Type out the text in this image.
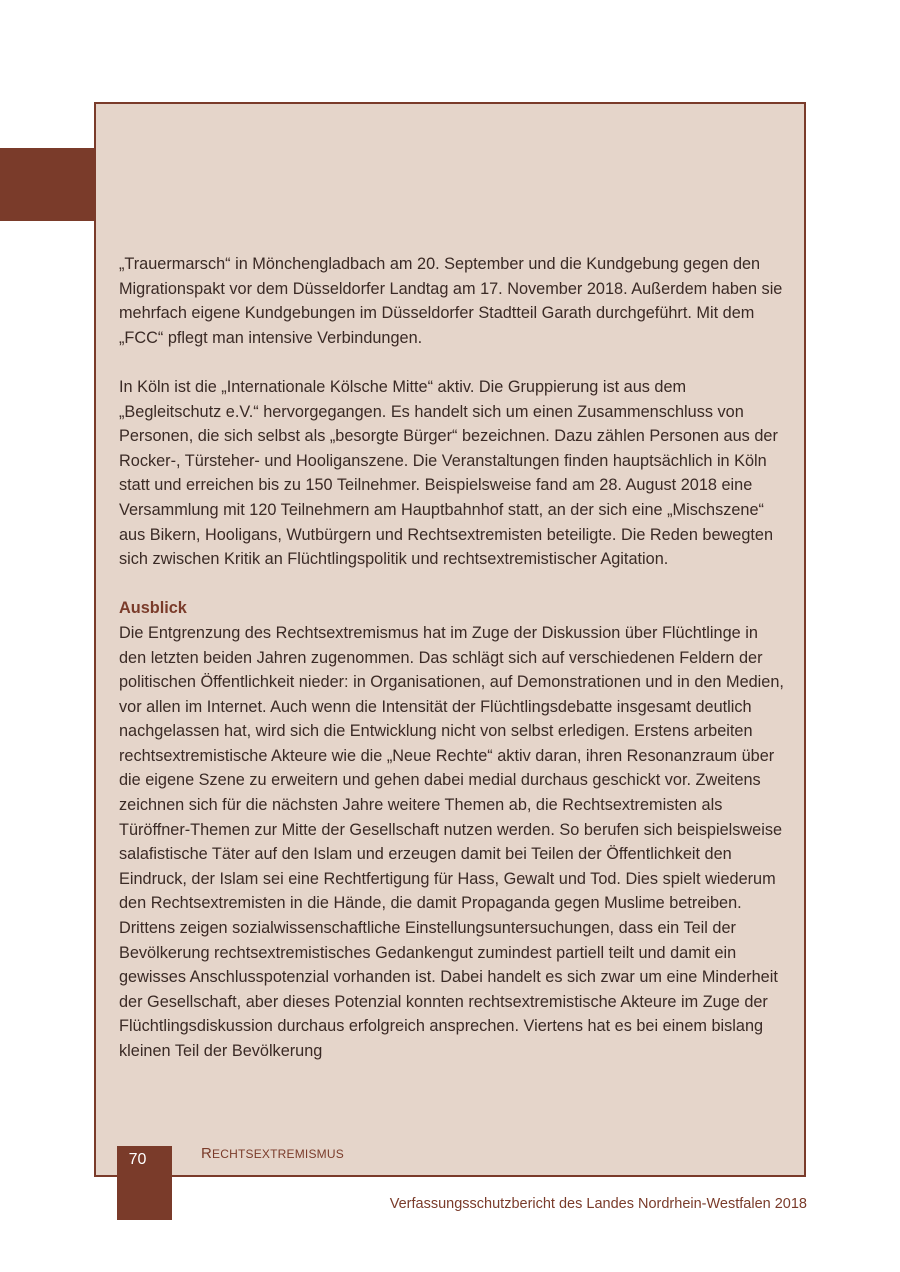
„Trauermarsch“ in Mönchengladbach am 20. September und die Kundgebung gegen den Migrationspakt vor dem Düsseldorfer Landtag am 17. November 2018. Außerdem haben sie mehrfach eigene Kundgebungen im Düsseldorfer Stadtteil Garath durchgeführt. Mit dem „FCC“ pflegt man intensive Verbindungen.

In Köln ist die „Internationale Kölsche Mitte“ aktiv. Die Gruppierung ist aus dem „Begleitschutz e.V.“ hervorgegangen. Es handelt sich um einen Zusammenschluss von Personen, die sich selbst als „besorgte Bürger“ bezeichnen. Dazu zählen Personen aus der Rocker-, Türsteher- und Hooliganszene. Die Veranstaltungen finden hauptsächlich in Köln statt und erreichen bis zu 150 Teilnehmer. Beispielsweise fand am 28. August 2018 eine Versammlung mit 120 Teilnehmern am Hauptbahnhof statt, an der sich eine „Mischszene“ aus Bikern, Hooligans, Wutbürgern und Rechtsextremisten beteiligte. Die Reden bewegten sich zwischen Kritik an Flüchtlingspolitik und rechtsextremistischer Agitation.

Ausblick

Die Entgrenzung des Rechtsextremismus hat im Zuge der Diskussion über Flüchtlinge in den letzten beiden Jahren zugenommen. Das schlägt sich auf verschiedenen Feldern der politischen Öffentlichkeit nieder: in Organisationen, auf Demonstrationen und in den Medien, vor allen im Internet. Auch wenn die Intensität der Flüchtlingsdebatte insgesamt deutlich nachgelassen hat, wird sich die Entwicklung nicht von selbst erledigen. Erstens arbeiten rechtsextremistische Akteure wie die „Neue Rechte“ aktiv daran, ihren Resonanzraum über die eigene Szene zu erweitern und gehen dabei medial durchaus geschickt vor. Zweitens zeichnen sich für die nächsten Jahre weitere Themen ab, die Rechtsextremisten als Türöffner-Themen zur Mitte der Gesellschaft nutzen werden. So berufen sich beispielsweise salafistische Täter auf den Islam und erzeugen damit bei Teilen der Öffentlichkeit den Eindruck, der Islam sei eine Rechtfertigung für Hass, Gewalt und Tod. Dies spielt wiederum den Rechtsextremisten in die Hände, die damit Propaganda gegen Muslime betreiben. Drittens zeigen sozialwissenschaftliche Einstellungsuntersuchungen, dass ein Teil der Bevölkerung rechtsextremistisches Gedankengut zumindest partiell teilt und damit ein gewisses Anschlusspotenzial vorhanden ist. Dabei handelt es sich zwar um eine Minderheit der Gesellschaft, aber dieses Potenzial konnten rechtsextremistische Akteure im Zuge der Flüchtlingsdiskussion durchaus erfolgreich ansprechen. Viertens hat es bei einem bislang kleinen Teil der Bevölkerung

70	RECHTSEXTREMISMUS
Verfassungsschutzbericht des Landes Nordrhein-Westfalen 2018
